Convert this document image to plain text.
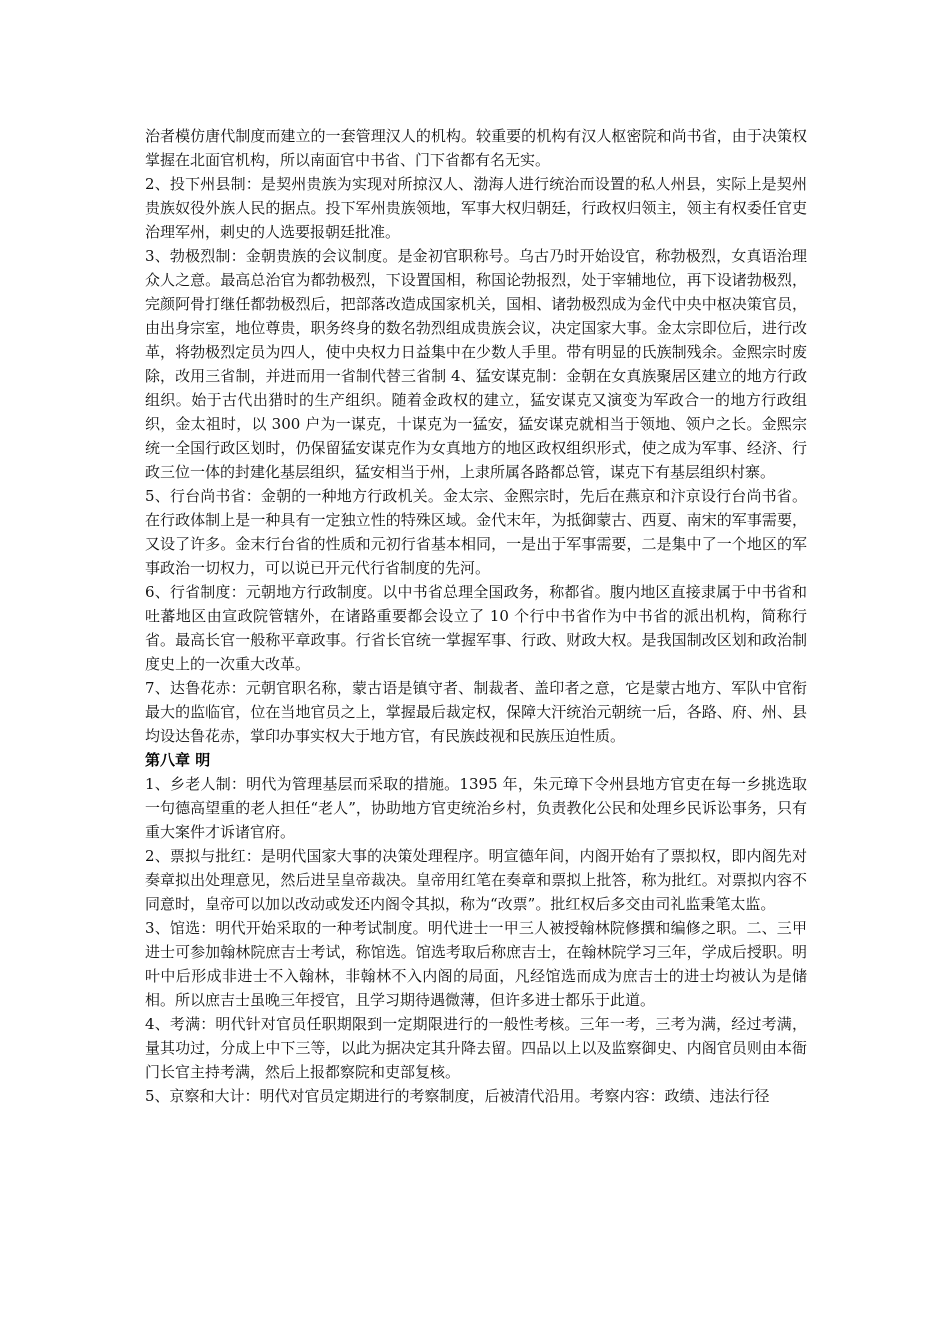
治者模仿唐代制度而建立的一套管理汉人的机构。较重要的机构有汉人枢密院和尚书省，由于决策权掌握在北面官机构，所以南面官中书省、门下省都有名无实。

2、投下州县制：是契州贵族为实现对所掠汉人、渤海人进行统治而设置的私人州县，实际上是契州贵族奴役外族人民的据点。投下军州贵族领地，军事大权归朝廷，行政权归领主，领主有权委任官吏治理军州，刺史的人选要报朝廷批准。

3、勃极烈制：金朝贵族的会议制度。是金初官职称号。乌古乃时开始设官，称勃极烈，女真语治理众人之意。最高总治官为都勃极烈，下设置国相，称国论勃报烈，处于宰辅地位，再下设诸勃极烈，完颜阿骨打继任都勃极烈后，把部落改造成国家机关，国相、诸勃极烈成为金代中央中枢决策官员，由出身宗室，地位尊贵，职务终身的数名勃烈组成贵族会议，决定国家大事。金太宗即位后，进行改革，将勃极烈定员为四人，使中央权力日益集中在少数人手里。带有明显的氏族制残余。金熙宗时废除，改用三省制，并进而用一省制代替三省制 4、猛安谋克制：金朝在女真族聚居区建立的地方行政组织。始于古代出猎时的生产组织。随着金政权的建立，猛安谋克又演变为军政合一的地方行政组织，金太祖时，以 300 户为一谋克，十谋克为一猛安，猛安谋克就相当于领地、领户之长。金熙宗统一全国行政区划时，仍保留猛安谋克作为女真地方的地区政权组织形式，使之成为军事、经济、行政三位一体的封建化基层组织，猛安相当于州，上隶所属各路都总管，谋克下有基层组织村寨。

5、行台尚书省：金朝的一种地方行政机关。金太宗、金熙宗时，先后在燕京和汴京设行台尚书省。在行政体制上是一种具有一定独立性的特殊区域。金代末年，为抵御蒙古、西夏、南宋的军事需要，又设了许多。金末行台省的性质和元初行省基本相同，一是出于军事需要，二是集中了一个地区的军事政治一切权力，可以说已开元代行省制度的先河。

6、行省制度：元朝地方行政制度。以中书省总理全国政务，称都省。腹内地区直接隶属于中书省和吐蕃地区由宣政院管辖外，在诸路重要都会设立了 10 个行中书省作为中书省的派出机构，简称行省。最高长官一般称平章政事。行省长官统一掌握军事、行政、财政大权。是我国制改区划和政治制度史上的一次重大改革。

7、达鲁花赤：元朝官职名称，蒙古语是镇守者、制裁者、盖印者之意，它是蒙古地方、军队中官衔最大的监临官，位在当地官员之上，掌握最后裁定权，保障大汗统治元朝统一后，各路、府、州、县均设达鲁花赤，掌印办事实权大于地方官，有民族歧视和民族压迫性质。

第八章 明

1、乡老人制：明代为管理基层而采取的措施。1395 年，朱元璋下令州县地方官吏在每一乡挑选取一句德高望重的老人担任“老人”，协助地方官吏统治乡村，负责教化公民和处理乡民诉讼事务，只有重大案件才诉诸官府。

2、票拟与批红：是明代国家大事的决策处理程序。明宣德年间，内阁开始有了票拟权，即内阁先对奏章拟出处理意见，然后进呈皇帝裁决。皇帝用红笔在奏章和票拟上批答，称为批红。对票拟内容不同意时，皇帝可以加以改动或发还内阁令其拟，称为“改票”。批红权后多交由司礼监秉笔太监。

3、馆选：明代开始采取的一种考试制度。明代进士一甲三人被授翰林院修撰和编修之职。二、三甲进士可参加翰林院庶吉士考试，称馆选。馆选考取后称庶吉士，在翰林院学习三年，学成后授职。明叶中后形成非进士不入翰林，非翰林不入内阁的局面，凡经馆选而成为庶吉士的进士均被认为是储相。所以庶吉士虽晚三年授官，且学习期待遇微薄，但许多进士都乐于此道。

4、考满：明代针对官员任职期限到一定期限进行的一般性考核。三年一考，三考为满，经过考满，量其功过，分成上中下三等，以此为据决定其升降去留。四品以上以及监察御史、内阁官员则由本衙门长官主持考满，然后上报都察院和吏部复核。

5、京察和大计：明代对官员定期进行的考察制度，后被清代沿用。考察内容：政绩、违法行径
